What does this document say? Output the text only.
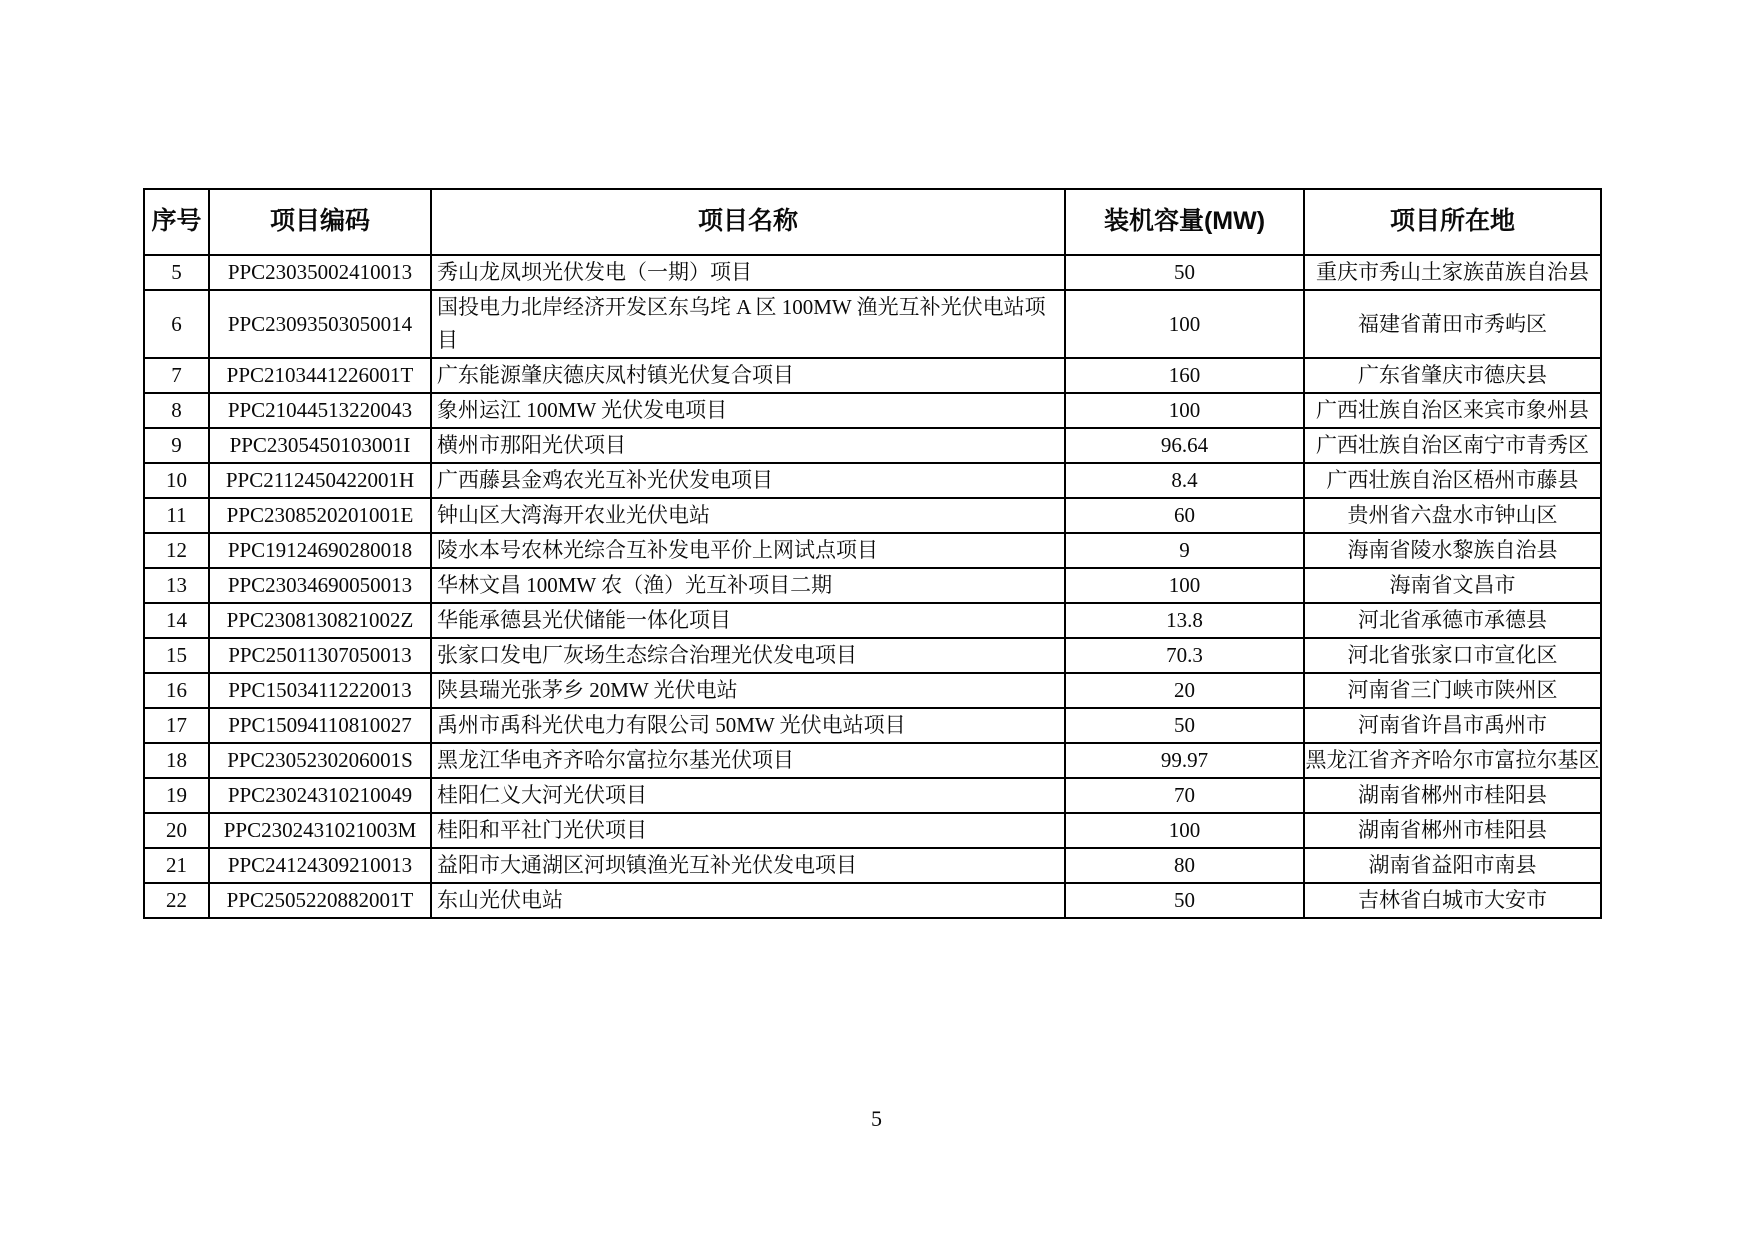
序号	项目编码	项目名称	装机容量(MW)	项目所在地
5	PPC23035002410013	秀山龙凤坝光伏发电（一期）项目	50	重庆市秀山土家族苗族自治县
6	PPC23093503050014	国投电力北岸经济开发区东乌垞 A 区 100MW 渔光互补光伏电站项目	100	福建省莆田市秀屿区
7	PPC2103441226001T	广东能源肇庆德庆凤村镇光伏复合项目	160	广东省肇庆市德庆县
8	PPC21044513220043	象州运江 100MW 光伏发电项目	100	广西壮族自治区来宾市象州县
9	PPC2305450103001I	横州市那阳光伏项目	96.64	广西壮族自治区南宁市青秀区
10	PPC2112450422001H	广西藤县金鸡农光互补光伏发电项目	8.4	广西壮族自治区梧州市藤县
11	PPC2308520201001E	钟山区大湾海开农业光伏电站	60	贵州省六盘水市钟山区
12	PPC19124690280018	陵水本号农林光综合互补发电平价上网试点项目	9	海南省陵水黎族自治县
13	PPC23034690050013	华林文昌 100MW 农（渔）光互补项目二期	100	海南省文昌市
14	PPC2308130821002Z	华能承德县光伏储能一体化项目	13.8	河北省承德市承德县
15	PPC25011307050013	张家口发电厂灰场生态综合治理光伏发电项目	70.3	河北省张家口市宣化区
16	PPC15034112220013	陕县瑞光张茅乡 20MW 光伏电站	20	河南省三门峡市陕州区
17	PPC15094110810027	禹州市禹科光伏电力有限公司 50MW 光伏电站项目	50	河南省许昌市禹州市
18	PPC2305230206001S	黑龙江华电齐齐哈尔富拉尔基光伏项目	99.97	黑龙江省齐齐哈尔市富拉尔基区
19	PPC23024310210049	桂阳仁义大河光伏项目	70	湖南省郴州市桂阳县
20	PPC2302431021003M	桂阳和平社门光伏项目	100	湖南省郴州市桂阳县
21	PPC24124309210013	益阳市大通湖区河坝镇渔光互补光伏发电项目	80	湖南省益阳市南县
22	PPC2505220882001T	东山光伏电站	50	吉林省白城市大安市
5
